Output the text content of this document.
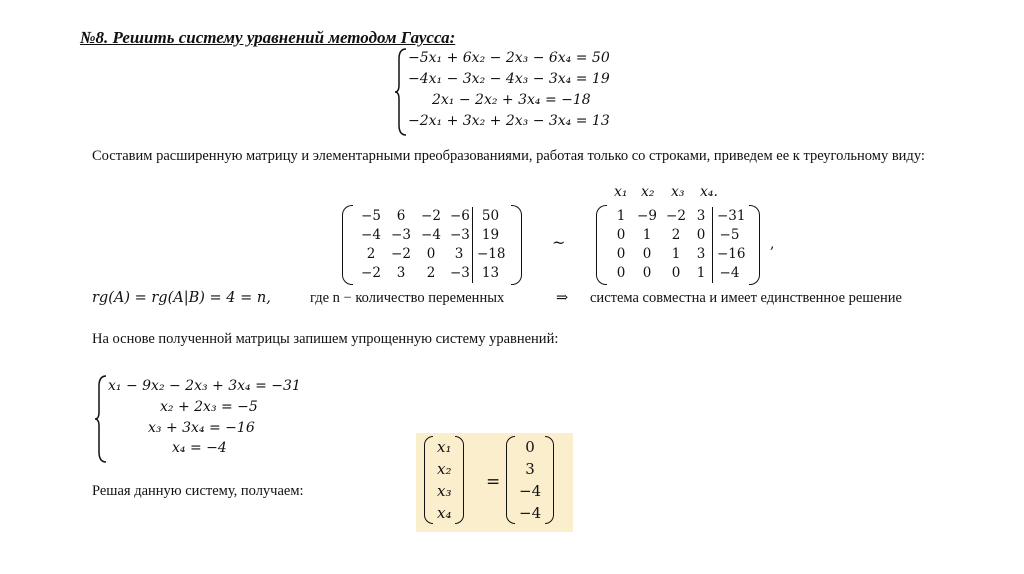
№8. Решить систему уравнений методом Гаусса:
−5x₁ + 6x₂ − 2x₃ − 6x₄ = 50
−4x₁ − 3x₂ − 4x₃ − 3x₄ = 19
2x₁ − 2x₂ + 3x₄ = −18
−2x₁ + 3x₂ + 2x₃ − 3x₄ = 13
Составим расширенную матрицу и элементарными преобразованиями, работая только со строками, приведем ее к треугольному виду:
x₁ x₂ x₃ x₄.
−5	6	−2 −6 50
−4 −3 −4 −3 19
2	−2	0	3	−18
−2	3	2	−3 13
~
1 −9 −2 3 −31
0	1	2	0	−5
0	0	1	3 −16
0	0	0	1	−4
,
rg(A) = rg(A|B) = 4 = n,	где n − количество переменных	⇒ система совместна и имеет единственное решение
На основе полученной матрицы запишем упрощенную систему уравнений:
x₁ − 9x₂ − 2x₃ + 3x₄ = −31
x₂ + 2x₃ = −5
x₃ + 3x₄ = −16
x₄ = −4
Решая данную систему, получаем:
x₁
x₂
x₃
x₄
=
0
3
−4
−4
